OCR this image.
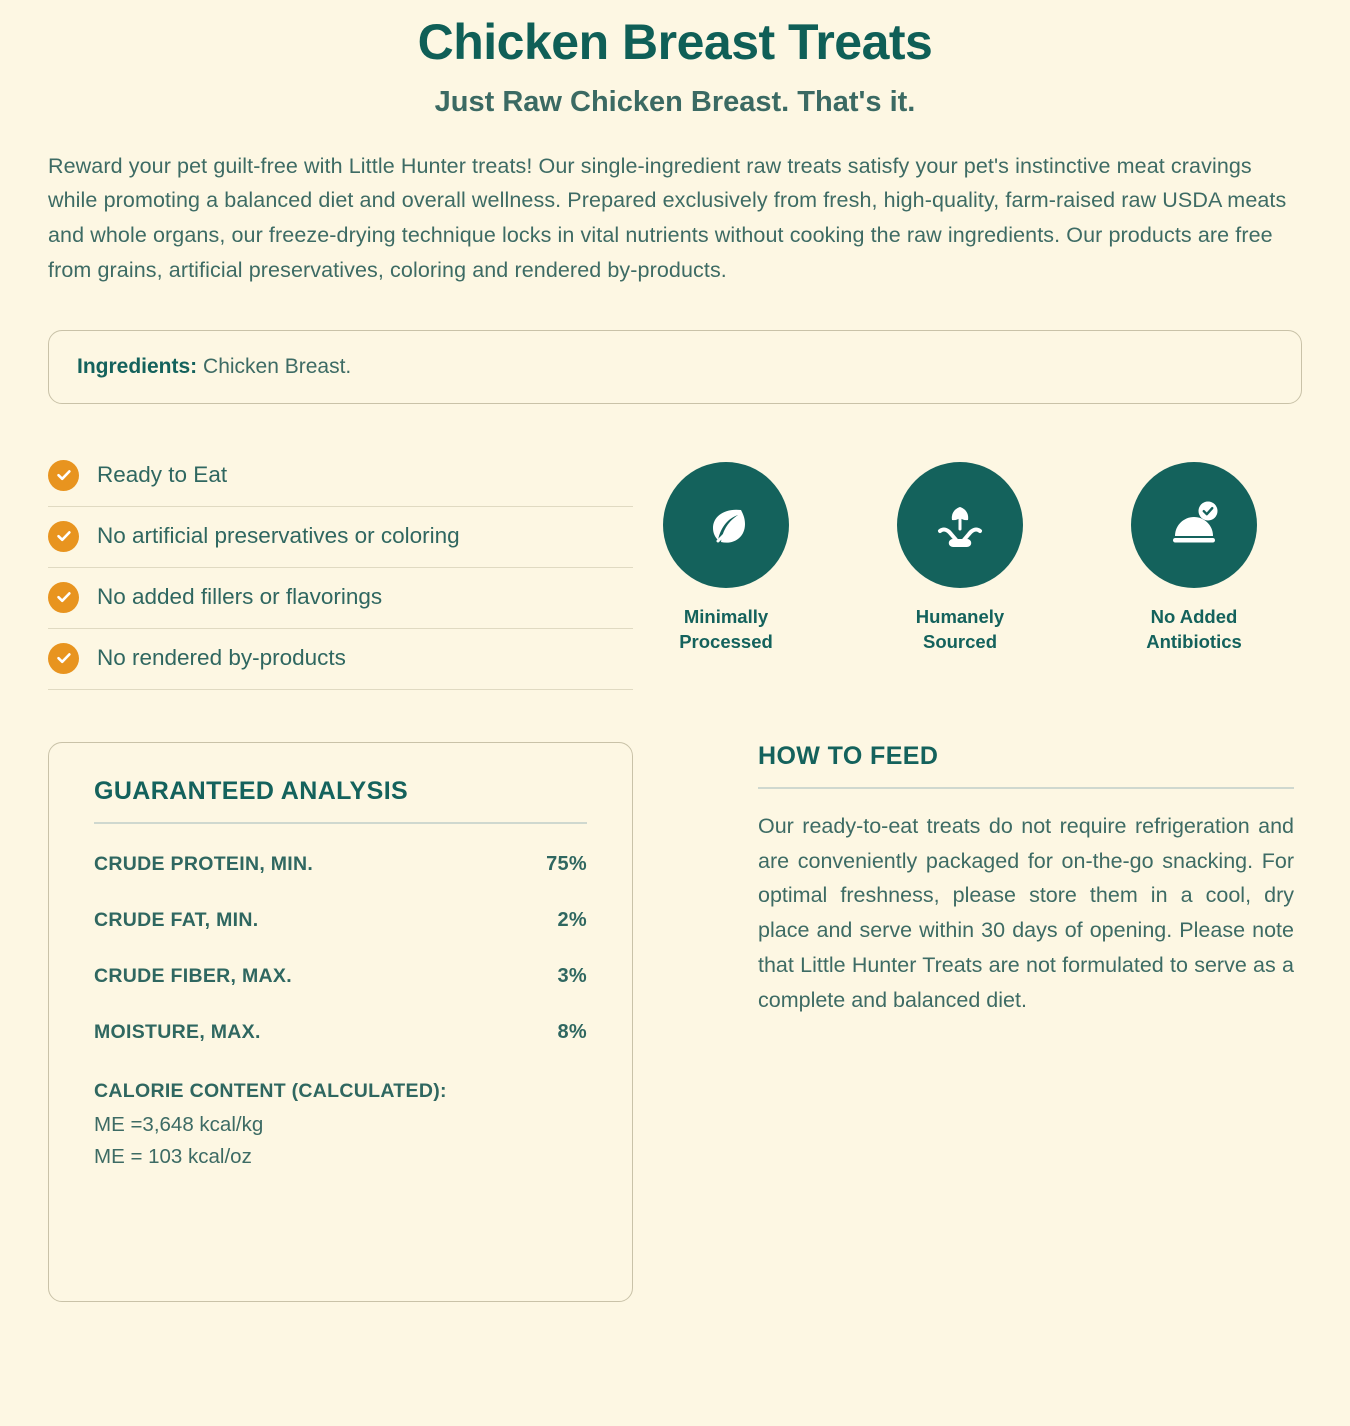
Chicken Breast Treats
Just Raw Chicken Breast. That's it.

Reward your pet guilt-free with Little Hunter treats! Our single-ingredient raw treats satisfy your pet's instinctive meat cravings while promoting a balanced diet and overall wellness. Prepared exclusively from fresh, high-quality, farm-raised raw USDA meats and whole organs, our freeze-drying technique locks in vital nutrients without cooking the raw ingredients. Our products are free from grains, artificial preservatives, coloring and rendered by-products.

Ingredients: Chicken Breast.
Ready to Eat
No artificial preservatives or coloring
No added fillers or flavorings
No rendered by-products
Minimally
Processed
Humanely
Sourced
No Added
Antibiotics
GUARANTEED ANALYSIS
CRUDE PROTEIN, MIN.	75%
CRUDE FAT, MIN.	2%
CRUDE FIBER, MAX.	3%
MOISTURE, MAX.	8%
CALORIE CONTENT (CALCULATED):
ME =3,648 kcal/kg
ME = 103 kcal/oz
HOW TO FEED

Our ready-to-eat treats do not require refrigeration and are conveniently packaged for on-the-go snacking. For optimal freshness, please store them in a cool, dry place and serve within 30 days of opening. Please note that Little Hunter Treats are not formulated to serve as a complete and balanced diet.
